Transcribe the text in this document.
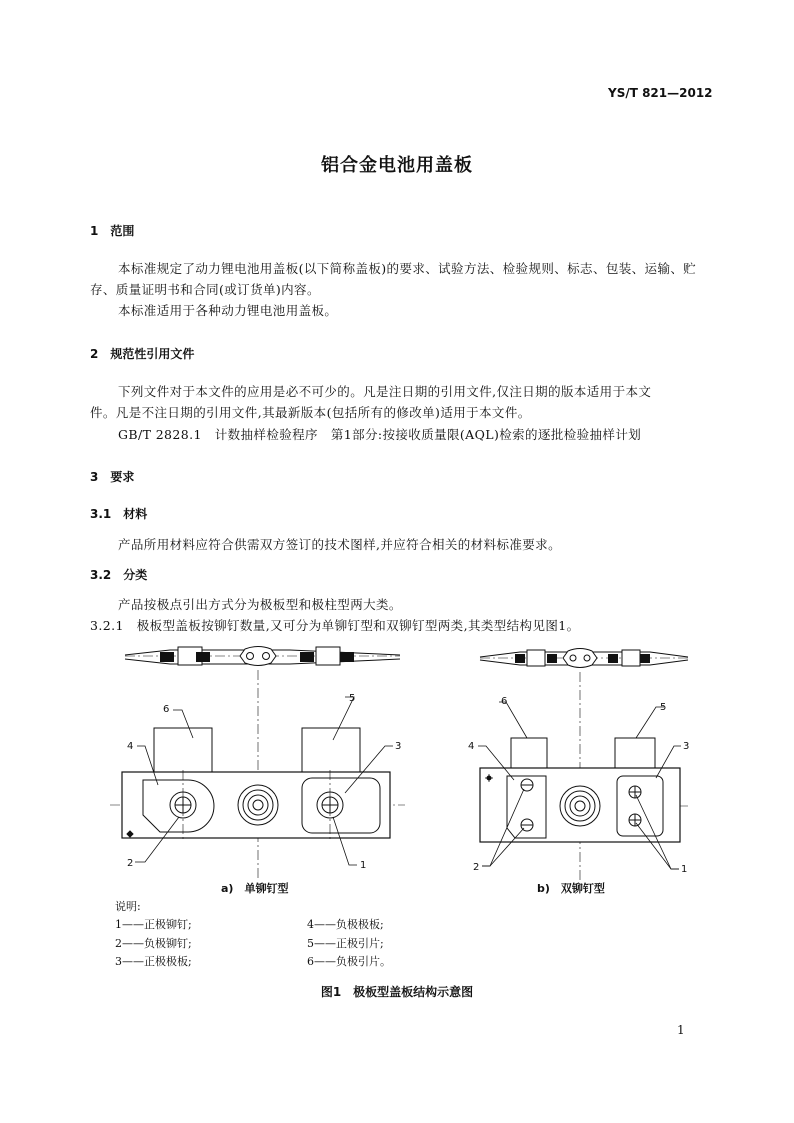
YS/T 821—2012
铝合金电池用盖板
1　范围
本标准规定了动力锂电池用盖板(以下简称盖板)的要求、试验方法、检验规则、标志、包装、运输、贮
存、质量证明书和合同(或订货单)内容。
本标准适用于各种动力锂电池用盖板。
2　规范性引用文件
下列文件对于本文件的应用是必不可少的。凡是注日期的引用文件,仅注日期的版本适用于本文
件。凡是不注日期的引用文件,其最新版本(包括所有的修改单)适用于本文件。
GB/T 2828.1　计数抽样检验程序　第1部分:按接收质量限(AQL)检索的逐批检验抽样计划
3　要求
3.1　材料
产品所用材料应符合供需双方签订的技术图样,并应符合相关的材料标准要求。
3.2　分类
产品按极点引出方式分为极板型和极柱型两大类。
3.2.1　极板型盖板按铆钉数量,又可分为单铆钉型和双铆钉型两类,其类型结构见图1。
6
4
5
3
2	1
6
4
5
3
2	1
a)　单铆钉型	b)　双铆钉型
说明:
1——正极铆钉;
2——负极铆钉;
3——正极极板;
4——负极极板;
5——正极引片;
6——负极引片。
图1　极板型盖板结构示意图
1
